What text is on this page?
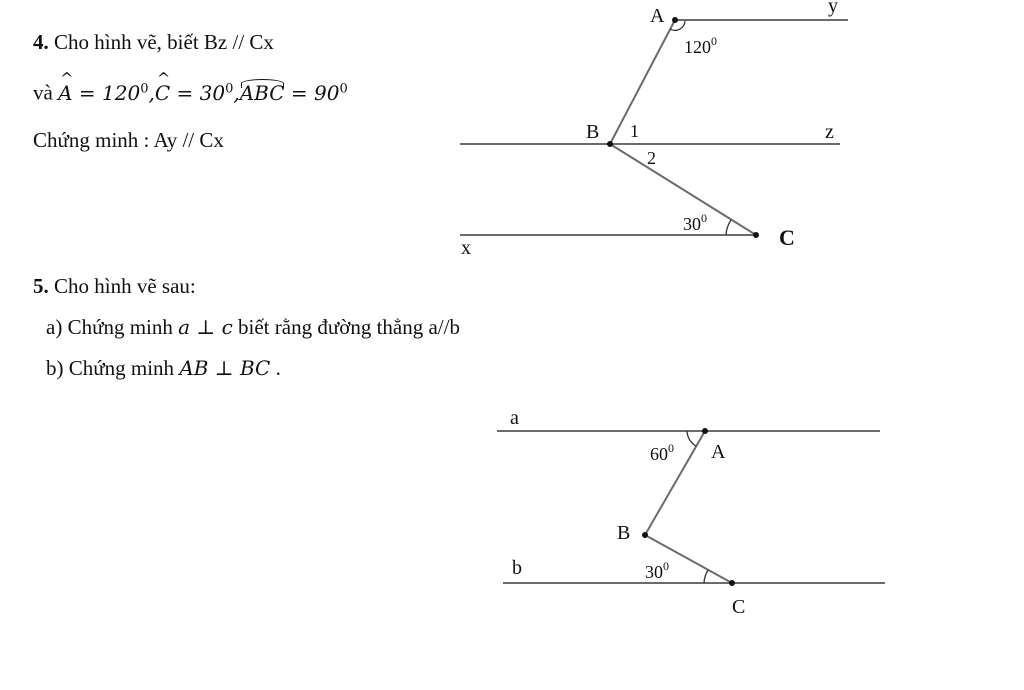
4. Cho hình vẽ, biết Bz // Cx
và ^ $A = 120^0,\^{}$ $C = 30^0,ABC = 90^0$
Chứng minh : Ay // Cx
5. Cho hình vẽ sau:
a) Chứng minh a ⊥ c biết rằng đường thẳng a//b
b) Chứng minh AB ⊥ BC .
A	y
$120^0$
B 1
2
z
$30^0$
C
x
a
$60^0$ A
B
b	$30^0$
C
